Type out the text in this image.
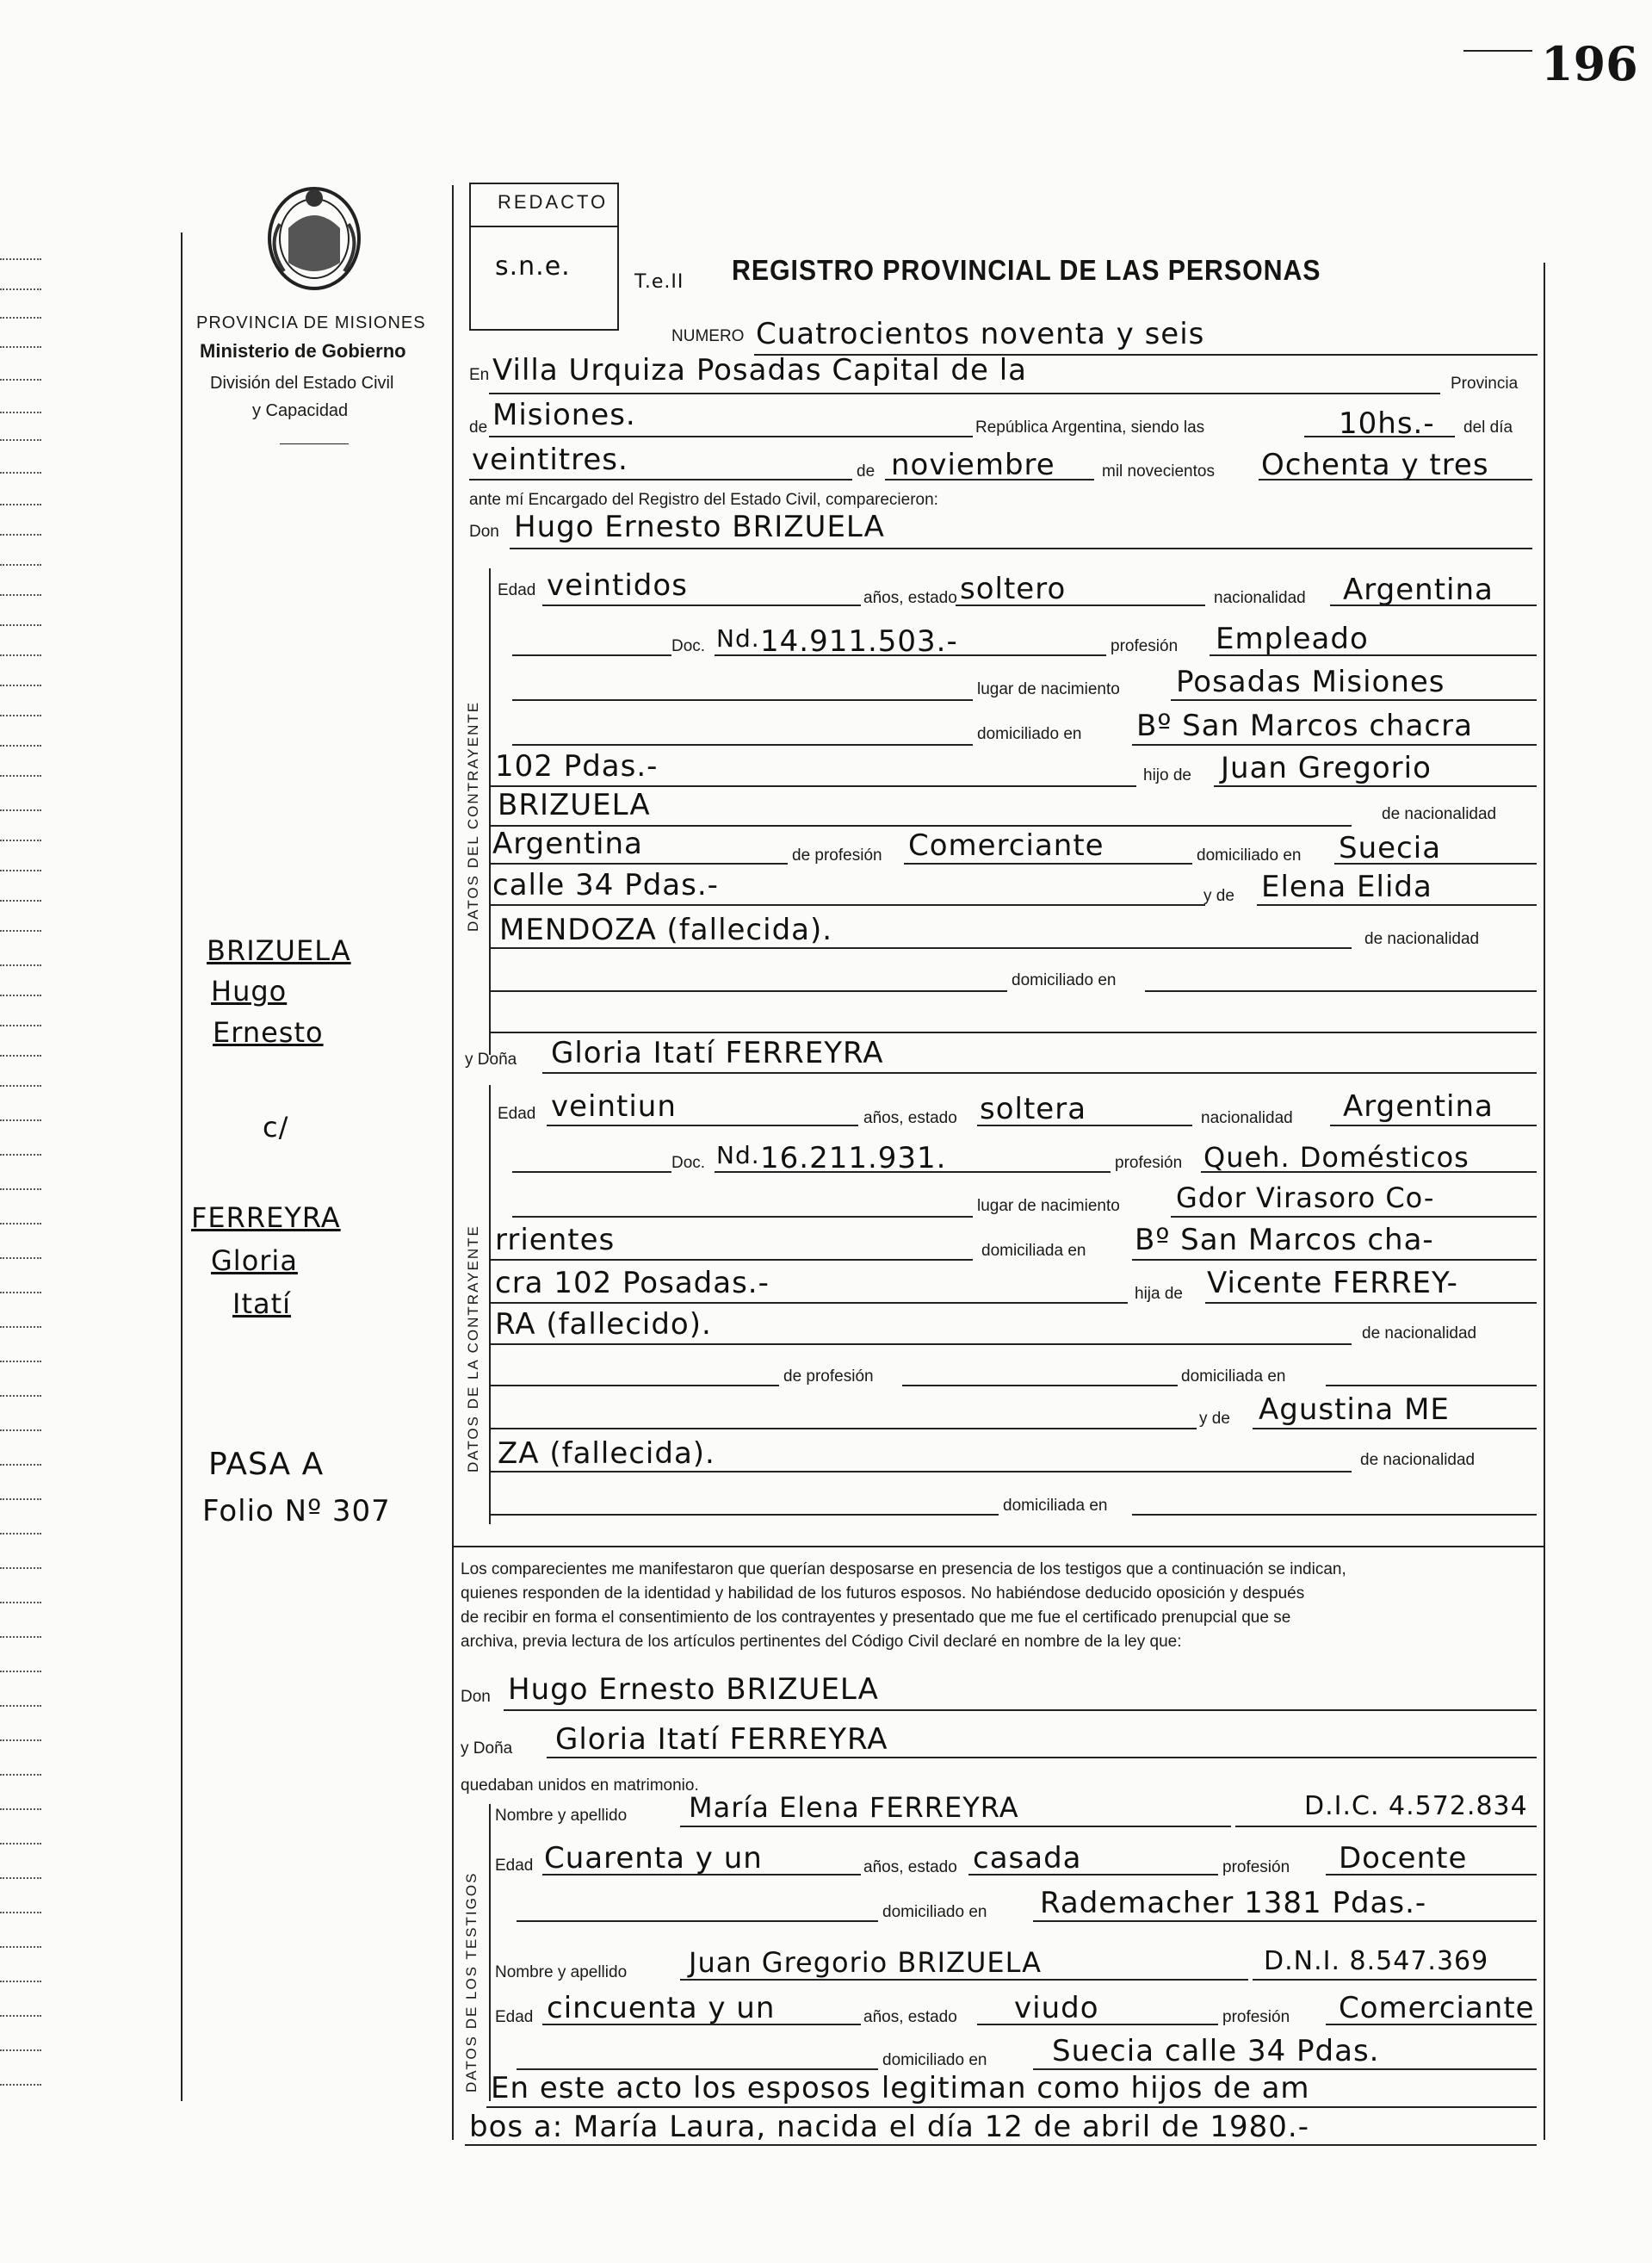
196
PROVINCIA DE MISIONES
Ministerio de Gobierno
División del Estado Civil
y Capacidad
REDACTO
s.n.e.
T.e.II REGISTRO PROVINCIAL DE LAS PERSONAS
NUMERO Cuatrocientos noventa y seis
En Villa Urquiza Posadas Capital de la	Provincia
de Misiones.	República Argentina, siendo las	10hs.- del día
veintitres.	de noviembre	mil novecientos Ochenta y tres
ante mí Encargado del Registro del Estado Civil, comparecieron:
Don Hugo Ernesto BRIZUELA
DATOS DEL CONTRAYENTE
Edad veintidos	años, estado soltero	nacionalidad Argentina
Doc. Nd. 14.911.503.-	profesión Empleado
lugar de nacimiento Posadas Misiones
domiciliado en Bº San Marcos chacra
102 Pdas.-	hijo de Juan Gregorio
BRIZUELA	de nacionalidad
Argentina	de profesión Comerciante	domiciliado en Suecia
calle 34 Pdas.-	y de Elena Elida
MENDOZA (fallecida).	de nacionalidad
domiciliado en
BRIZUELA
Hugo
Ernesto
c/
FERREYRA
Gloria
Itatí
PASA A
Folio Nº 307
y Doña Gloria Itatí FERREYRA
DATOS DE LA CONTRAYENTE
Edad veintiun	años, estado soltera	nacionalidad Argentina
Doc. Nd. 16.211.931.	profesión Queh. Domésticos
lugar de nacimiento Gdor Virasoro Co-
rrientes	domiciliada en Bº San Marcos cha-
cra 102 Posadas.-	hija de Vicente FERREY-
RA (fallecido).	de nacionalidad
de profesión	domiciliada en
y de Agustina ME
ZA (fallecida).	de nacionalidad
domiciliada en
Los comparecientes me manifestaron que querían desposarse en presencia de los testigos que a continuación se indican,
quienes responden de la identidad y habilidad de los futuros esposos. No habiéndose deducido oposición y después
de recibir en forma el consentimiento de los contrayentes y presentado que me fue el certificado prenupcial que se
archiva, previa lectura de los artículos pertinentes del Código Civil declaré en nombre de la ley que:
Don Hugo Ernesto BRIZUELA
y Doña Gloria Itatí FERREYRA
quedaban unidos en matrimonio.
DATOS DE LOS TESTIGOS
Nombre y apellido María Elena FERREYRA	D.I.C. 4.572.834
Edad Cuarenta y un	años, estado casada	profesión Docente
domiciliado en Rademacher 1381 Pdas.-
Nombre y apellido Juan Gregorio BRIZUELA	D.N.I. 8.547.369
Edad cincuenta y un	años, estado viudo	profesión Comerciante
domiciliado en Suecia calle 34 Pdas.
En este acto los esposos legitiman como hijos de am
bos a: María Laura, nacida el día 12 de abril de 1980.-
